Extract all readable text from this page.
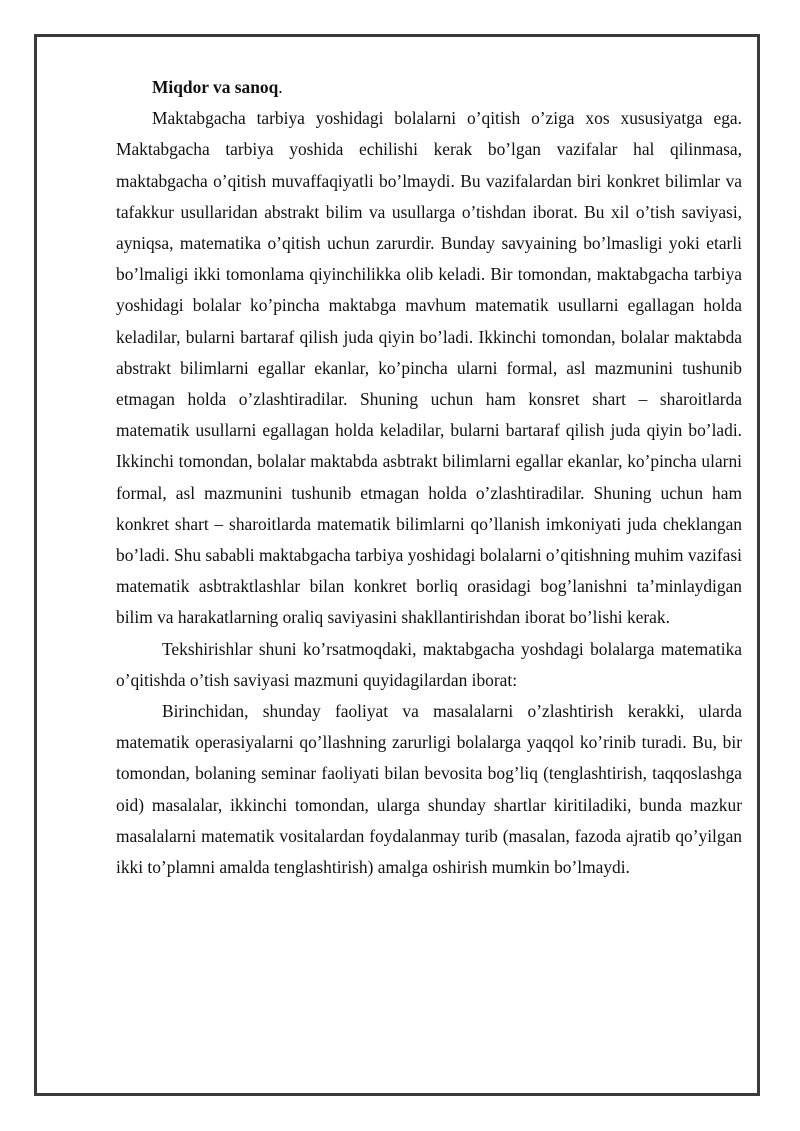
Miqdor va sanoq.

Maktabgacha tarbiya yoshidagi bolalarni o’qitish o’ziga xos xususiyatga ega. Maktabgacha tarbiya yoshida echilishi kerak bo’lgan vazifalar hal qilinmasa, maktabgacha o’qitish muvaffaqiyatli bo’lmaydi. Bu vazifalardan biri konkret bilimlar va tafakkur usullaridan abstrakt bilim va usullarga o’tishdan iborat. Bu xil o’tish saviyasi, ayniqsa, matematika o’qitish uchun zarurdir. Bunday savyaining bo’lmasligi yoki etarli bo’lmaligi ikki tomonlama qiyinchilikka olib keladi. Bir tomondan, maktabgacha tarbiya yoshidagi bolalar ko’pincha maktabga mavhum matematik usullarni egallagan holda keladilar, bularni bartaraf qilish juda qiyin bo’ladi. Ikkinchi tomondan, bolalar maktabda abstrakt bilimlarni egallar ekanlar, ko’pincha ularni formal, asl mazmunini tushunib etmagan holda o’zlashtiradilar. Shuning uchun ham konsret shart – sharoitlarda matematik usullarni egallagan holda keladilar, bularni bartaraf qilish juda qiyin bo’ladi. Ikkinchi tomondan, bolalar maktabda asbtrakt bilimlarni egallar ekanlar, ko’pincha ularni formal, asl mazmunini tushunib etmagan holda o’zlashtiradilar. Shuning uchun ham konkret shart – sharoitlarda matematik bilimlarni qo’llanish imkoniyati juda cheklangan bo’ladi. Shu sababli maktabgacha tarbiya yoshidagi bolalarni o’qitishning muhim vazifasi matematik asbtraktlashlar bilan konkret borliq orasidagi bog’lanishni ta’minlaydigan bilim va harakatlarning oraliq saviyasini shakllantirishdan iborat bo’lishi kerak.

Tekshirishlar shuni ko’rsatmoqdaki, maktabgacha yoshdagi bolalarga matematika o’qitishda o’tish saviyasi mazmuni quyidagilardan iborat:

Birinchidan, shunday faoliyat va masalalarni o’zlashtirish kerakki, ularda matematik operasiyalarni qo’llashning zarurligi bolalarga yaqqol ko’rinib turadi. Bu, bir tomondan, bolaning seminar faoliyati bilan bevosita bog’liq (tenglashtirish, taqqoslashga oid) masalalar, ikkinchi tomondan, ularga shunday shartlar kiritiladiki, bunda mazkur masalalarni matematik vositalardan foydalanmay turib (masalan, fazoda ajratib qo’yilgan ikki to’plamni amalda tenglashtirish) amalga oshirish mumkin bo’lmaydi.
